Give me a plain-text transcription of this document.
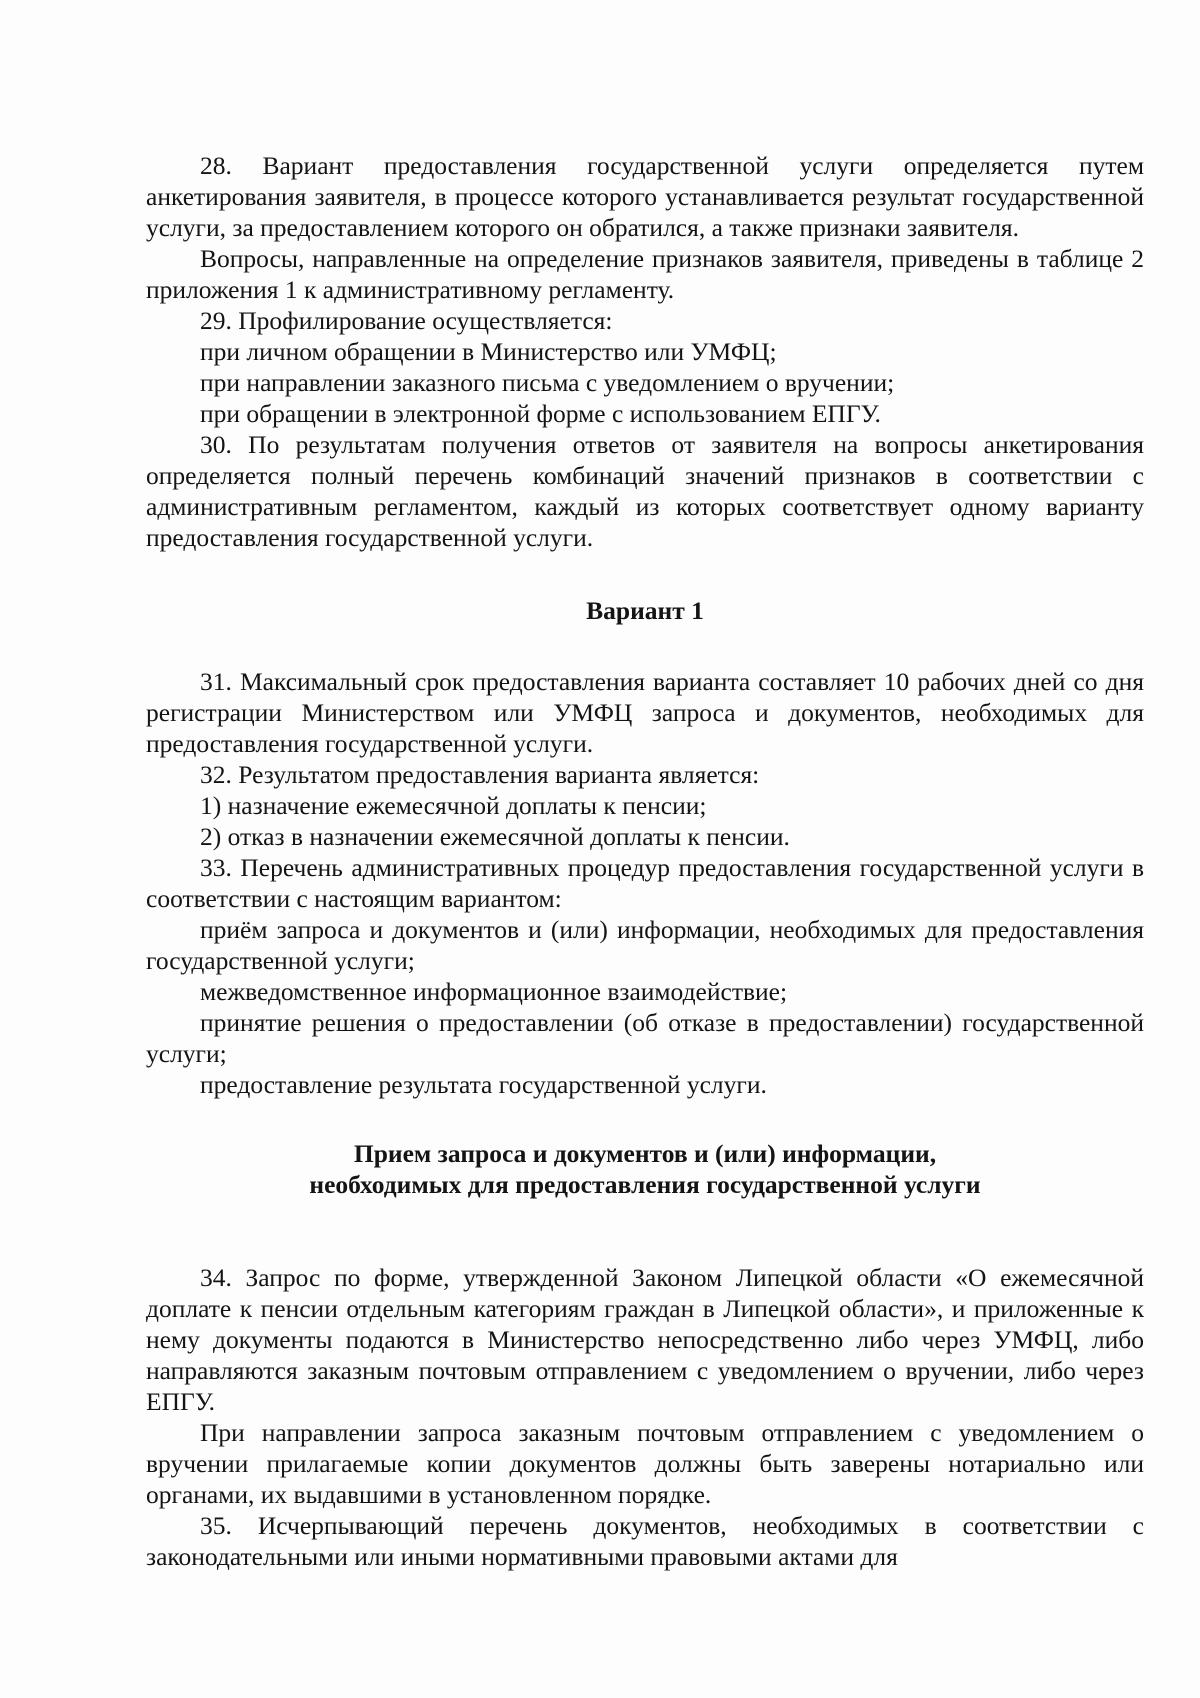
28. Вариант предоставления государственной услуги определяется путем анкетирования заявителя, в процессе которого устанавливается результат государственной услуги, за предоставлением которого он обратился, а также признаки заявителя.

Вопросы, направленные на определение признаков заявителя, приведены в таблице 2 приложения 1 к административному регламенту.

29. Профилирование осуществляется:

при личном обращении в Министерство или УМФЦ;

при направлении заказного письма с уведомлением о вручении;

при обращении в электронной форме с использованием ЕПГУ.

30. По результатам получения ответов от заявителя на вопросы анкетирования определяется полный перечень комбинаций значений признаков в соответствии с административным регламентом, каждый из которых соответствует одному варианту предоставления государственной услуги.

Вариант 1

31. Максимальный срок предоставления варианта составляет 10 рабочих дней со дня регистрации Министерством или УМФЦ запроса и документов, необходимых для предоставления государственной услуги.

32. Результатом предоставления варианта является:

1) назначение ежемесячной доплаты к пенсии;

2) отказ в назначении ежемесячной доплаты к пенсии.

33. Перечень административных процедур предоставления государственной услуги в соответствии с настоящим вариантом:

приём запроса и документов и (или) информации, необходимых для предоставления государственной услуги;

межведомственное информационное взаимодействие;

принятие решения о предоставлении (об отказе в предоставлении) государственной услуги;

предоставление результата государственной услуги.

Прием запроса и документов и (или) информации,
необходимых для предоставления государственной услуги

34. Запрос по форме, утвержденной Законом Липецкой области «О ежемесячной доплате к пенсии отдельным категориям граждан в Липецкой области», и приложенные к нему документы подаются в Министерство непосредственно либо через УМФЦ, либо направляются заказным почтовым отправлением с уведомлением о вручении, либо через ЕПГУ.

При направлении запроса заказным почтовым отправлением с уведомлением о вручении прилагаемые копии документов должны быть заверены нотариально или органами, их выдавшими в установленном порядке.

35. Исчерпывающий перечень документов, необходимых в соответствии с законодательными или иными нормативными правовыми актами для
